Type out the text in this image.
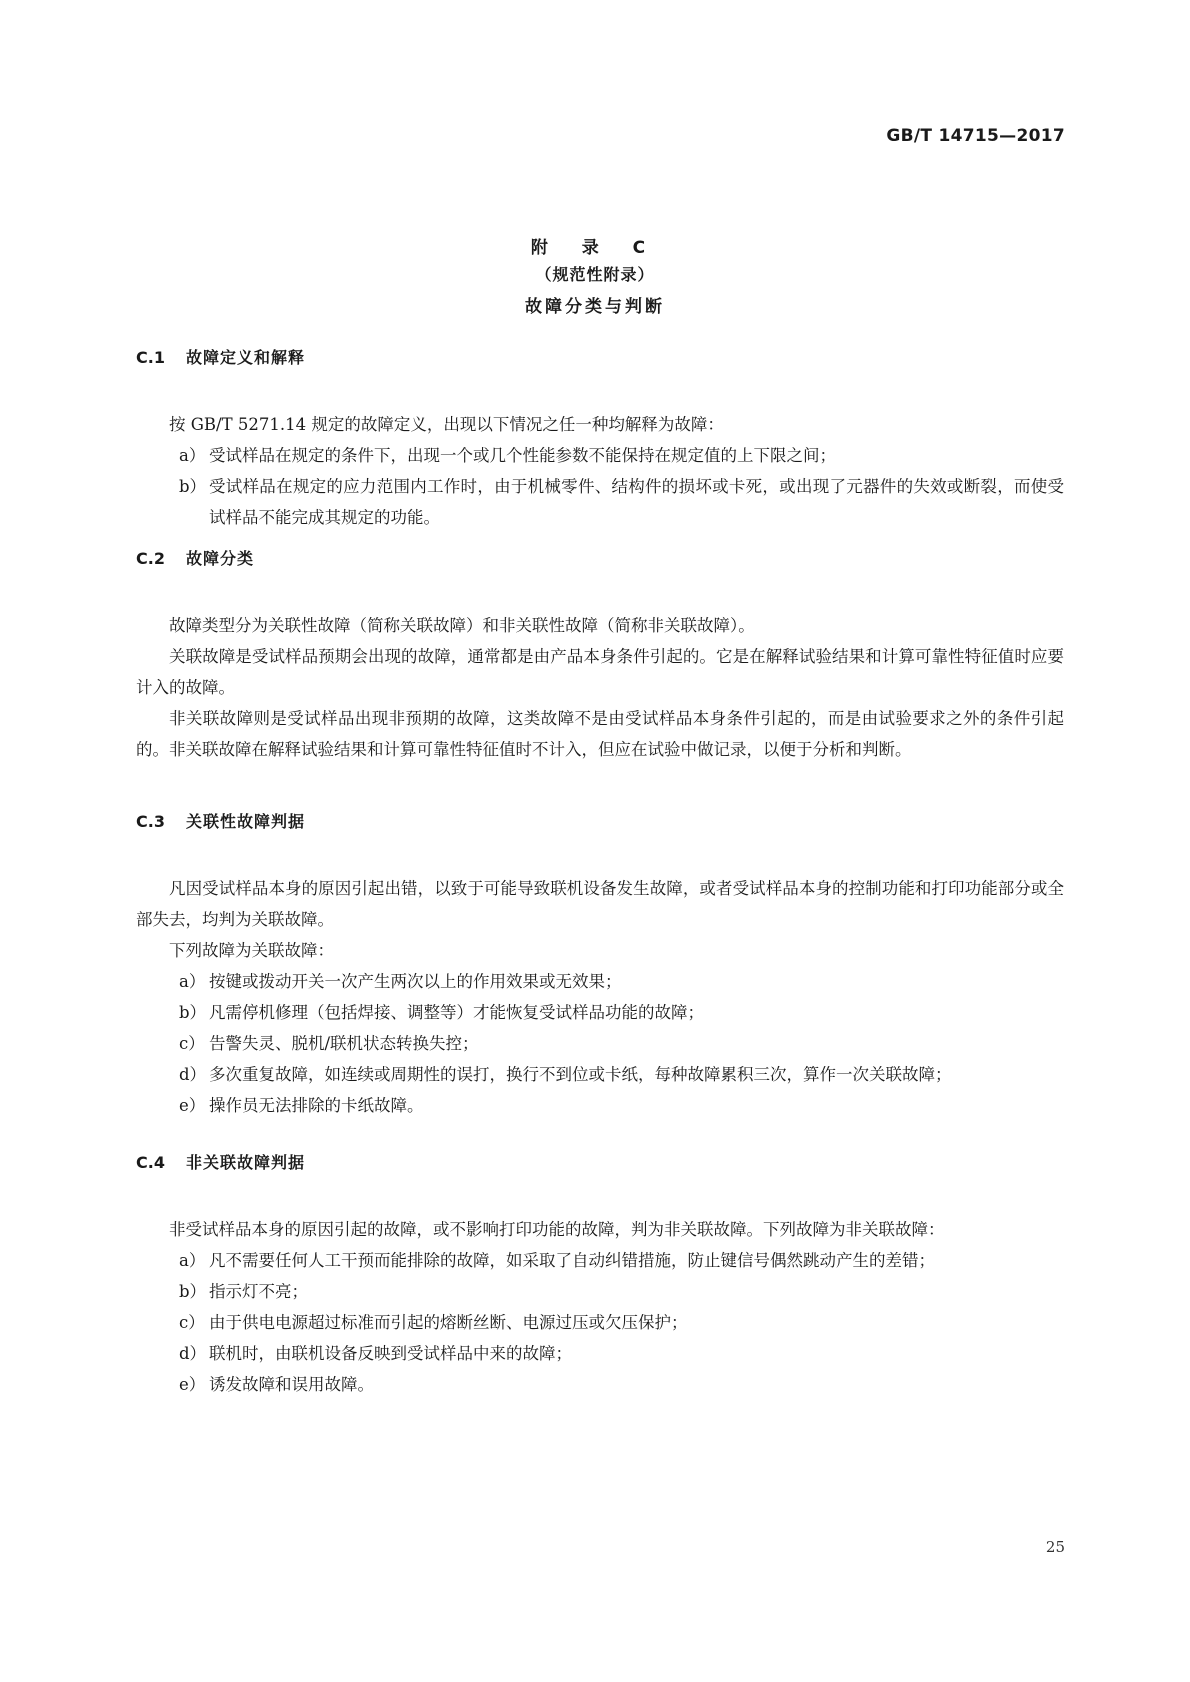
GB/T 14715—2017
附 录 C
（规范性附录）
故障分类与判断
C.1 故障定义和解释

按 GB/T 5271.14 规定的故障定义，出现以下情况之任一种均解释为故障：

a） 受试样品在规定的条件下，出现一个或几个性能参数不能保持在规定值的上下限之间；
b） 受试样品在规定的应力范围内工作时，由于机械零件、结构件的损坏或卡死，或出现了元器件的失效或断裂，而使受试样品不能完成其规定的功能。
C.2 故障分类

故障类型分为关联性故障（简称关联故障）和非关联性故障（简称非关联故障）。

关联故障是受试样品预期会出现的故障，通常都是由产品本身条件引起的。它是在解释试验结果和计算可靠性特征值时应要计入的故障。

非关联故障则是受试样品出现非预期的故障，这类故障不是由受试样品本身条件引起的，而是由试验要求之外的条件引起的。非关联故障在解释试验结果和计算可靠性特征值时不计入，但应在试验中做记录，以便于分析和判断。

C.3 关联性故障判据

凡因受试样品本身的原因引起出错，以致于可能导致联机设备发生故障，或者受试样品本身的控制功能和打印功能部分或全部失去，均判为关联故障。

下列故障为关联故障：

a） 按键或拨动开关一次产生两次以上的作用效果或无效果；
b） 凡需停机修理（包括焊接、调整等）才能恢复受试样品功能的故障；
c） 告警失灵、脱机/联机状态转换失控；
d） 多次重复故障，如连续或周期性的误打，换行不到位或卡纸，每种故障累积三次，算作一次关联故障；
e） 操作员无法排除的卡纸故障。
C.4 非关联故障判据

非受试样品本身的原因引起的故障，或不影响打印功能的故障，判为非关联故障。下列故障为非关联故障：

a） 凡不需要任何人工干预而能排除的故障，如采取了自动纠错措施，防止键信号偶然跳动产生的差错；
b） 指示灯不亮；
c） 由于供电电源超过标准而引起的熔断丝断、电源过压或欠压保护；
d） 联机时，由联机设备反映到受试样品中来的故障；
e） 诱发故障和误用故障。
25
